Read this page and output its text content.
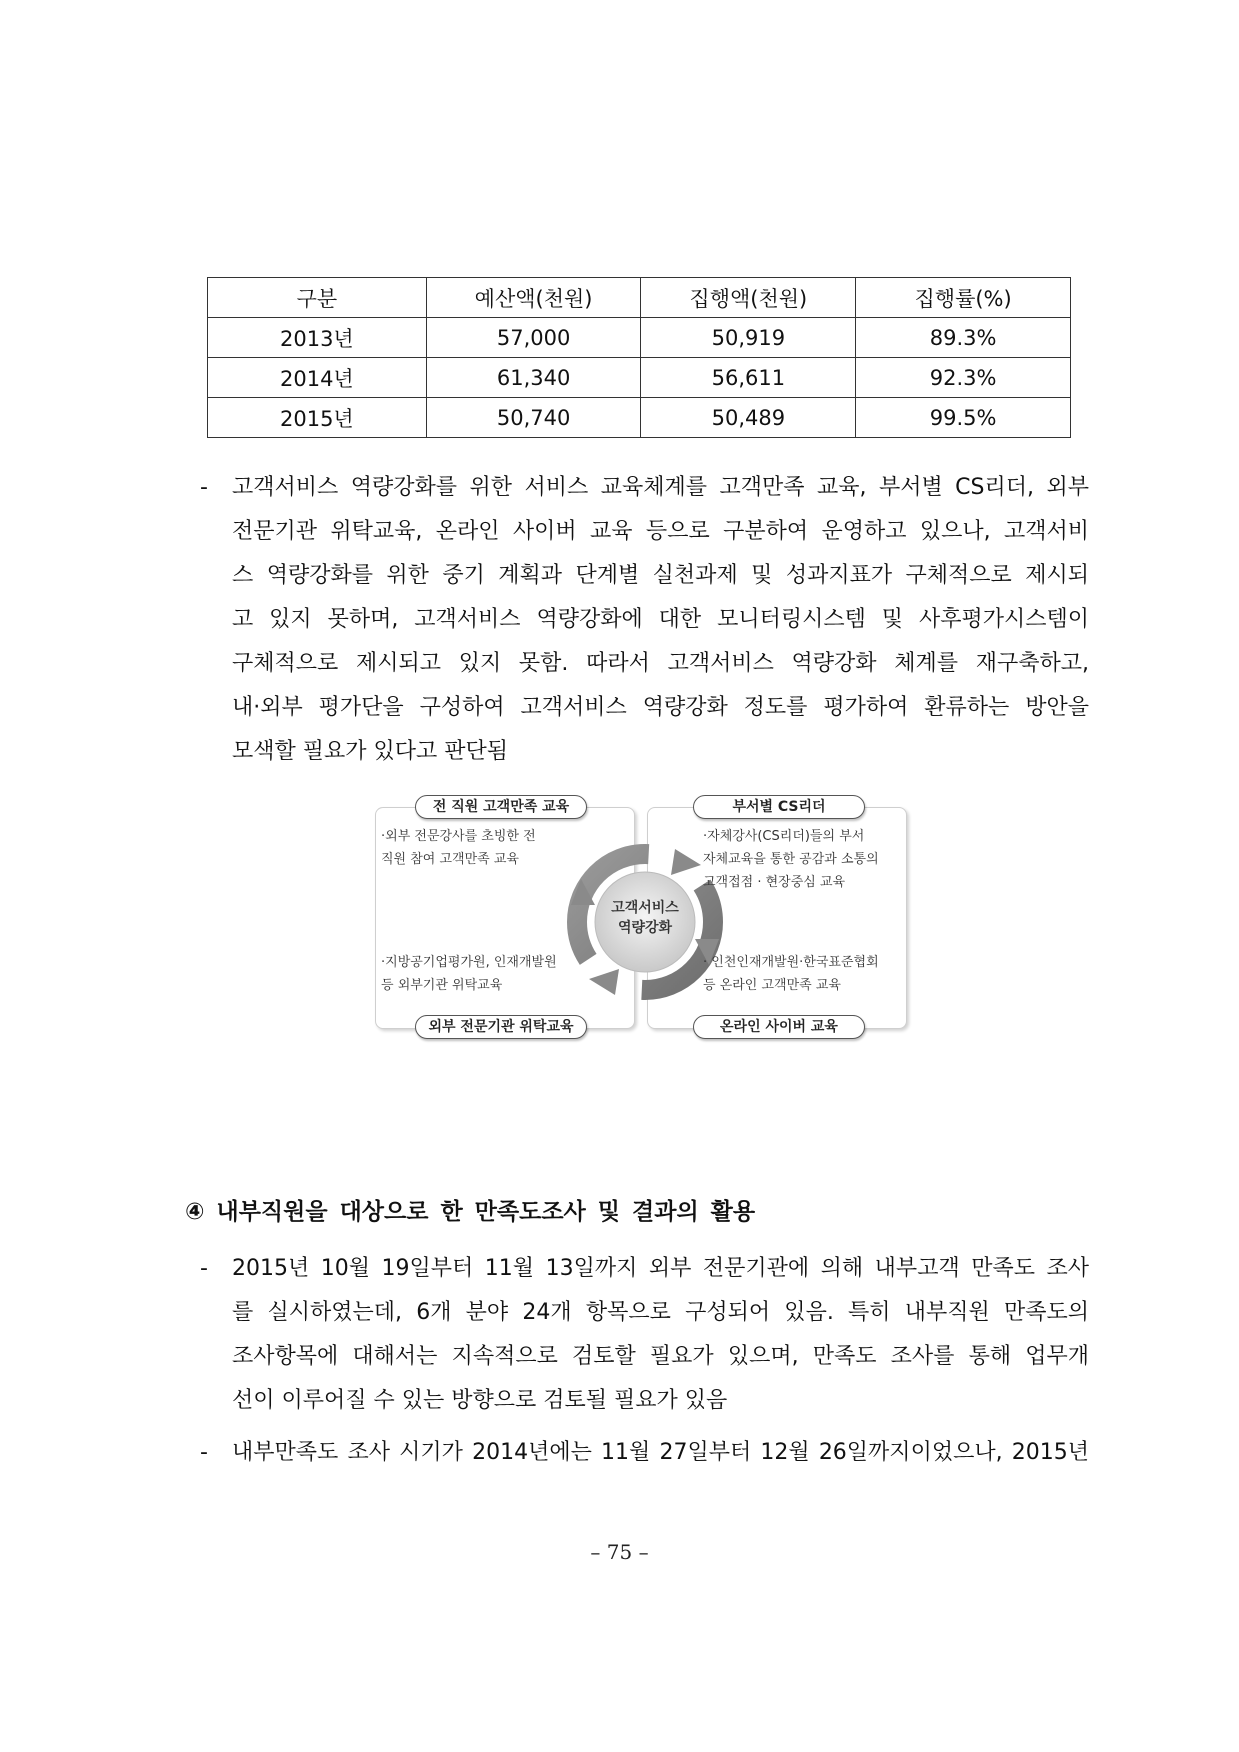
구분	예산액(천원)	집행액(천원)	집행률(%)
2013년	57,000	50,919	89.3%
2014년	61,340	56,611	92.3%
2015년	50,740	50,489	99.5%
- 고객서비스 역량강화를 위한 서비스 교육체계를 고객만족 교육, 부서별 CS리더, 외부
전문기관 위탁교육, 온라인 사이버 교육 등으로 구분하여 운영하고 있으나, 고객서비
스 역량강화를 위한 중기 계획과 단계별 실천과제 및 성과지표가 구체적으로 제시되
고 있지 못하며, 고객서비스 역량강화에 대한 모니터링시스템 및 사후평가시스템이
구체적으로 제시되고 있지 못함. 따라서 고객서비스 역량강화 체계를 재구축하고,
내·외부 평가단을 구성하여 고객서비스 역량강화 정도를 평가하여 환류하는 방안을
모색할 필요가 있다고 판단됨
고객서비스
역량강화
전 직원 고객만족 교육	부서별 CS리더
외부 전문기관 위탁교육	온라인 사이버 교육
·외부 전문강사를 초빙한 전
직원 참여 고객만족 교육
·자체강사(CS리더)들의 부서
자체교육을 통한 공감과 소통의
고객접점 · 현장중심 교육
·지방공기업평가원, 인재개발원
등 외부기관 위탁교육
· 인천인재개발원·한국표준협회
등 온라인 고객만족 교육
④ 내부직원을 대상으로 한 만족도조사 및 결과의 활용
- 2015년 10월 19일부터 11월 13일까지 외부 전문기관에 의해 내부고객 만족도 조사
를 실시하였는데, 6개 분야 24개 항목으로 구성되어 있음. 특히 내부직원 만족도의
조사항목에 대해서는 지속적으로 검토할 필요가 있으며, 만족도 조사를 통해 업무개
선이 이루어질 수 있는 방향으로 검토될 필요가 있음
- 내부만족도 조사 시기가 2014년에는 11월 27일부터 12월 26일까지이었으나, 2015년
– 75 –
